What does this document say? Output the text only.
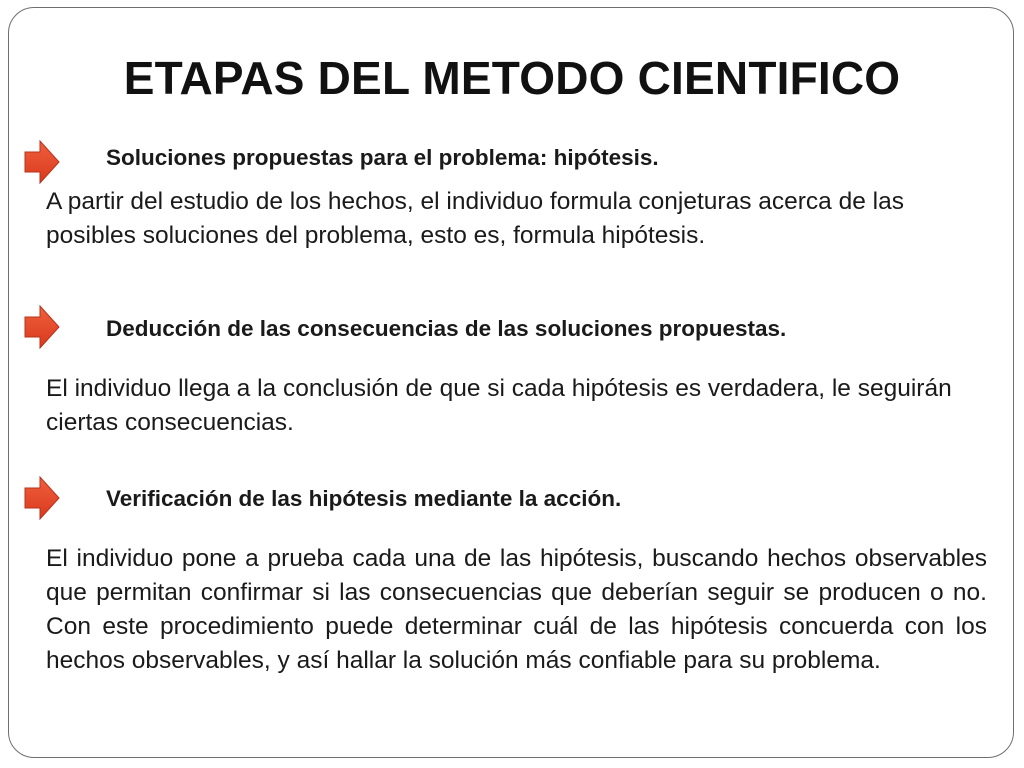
ETAPAS DEL METODO CIENTIFICO
Soluciones propuestas para el problema: hipótesis.
A partir del estudio de los hechos, el individuo formula conjeturas acerca de las posibles soluciones del problema, esto es, formula hipótesis.
Deducción de las consecuencias de las soluciones propuestas.
El individuo llega a la conclusión de que si cada hipótesis es verdadera, le seguirán ciertas consecuencias.
Verificación de las hipótesis mediante la acción.
El individuo pone a prueba cada una de las hipótesis, buscando hechos observables que permitan confirmar si las consecuencias que deberían seguir se producen o no. Con este procedimiento puede determinar cuál de las hipótesis concuerda con los hechos observables, y así hallar la solución más confiable para su problema.
